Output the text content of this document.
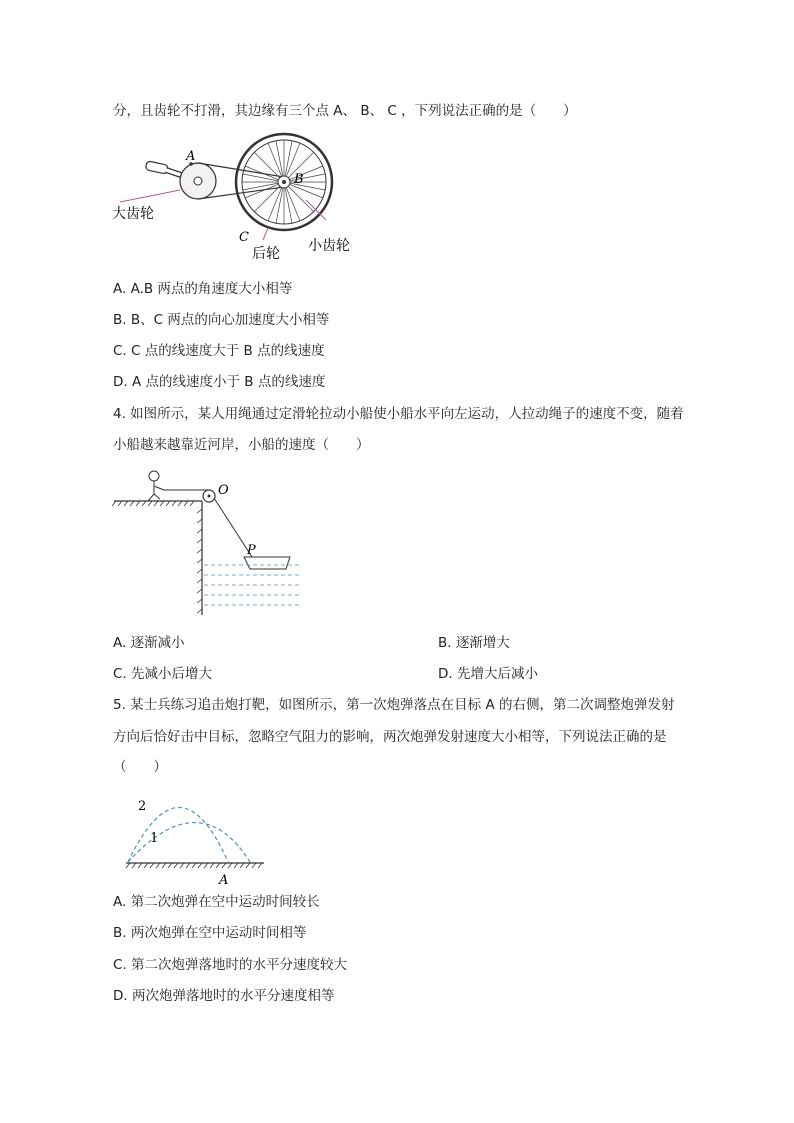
分，且齿轮不打滑，其边缘有三个点 A、 B、 C ，下列说法正确的是（　　）
A
B
C
大齿轮
后轮 小齿轮
A. A.B 两点的角速度大小相等
B. B、C 两点的向心加速度大小相等
C. C 点的线速度大于 B 点的线速度
D. A 点的线速度小于 B 点的线速度
4. 如图所示，某人用绳通过定滑轮拉动小船使小船水平向左运动，人拉动绳子的速度不变，随着
小船越来越靠近河岸，小船的速度（　　）
O
P
A. 逐渐减小	B. 逐渐增大
C. 先减小后增大	D. 先增大后减小
5. 某士兵练习追击炮打靶，如图所示，第一次炮弹落点在目标 A 的右侧，第二次调整炮弹发射
方向后恰好击中目标，忽略空气阻力的影响，两次炮弹发射速度大小相等，下列说法正确的是
（　　）
2
1
A
A. 第二次炮弹在空中运动时间较长
B. 两次炮弹在空中运动时间相等
C. 第二次炮弹落地时的水平分速度较大
D. 两次炮弹落地时的水平分速度相等
